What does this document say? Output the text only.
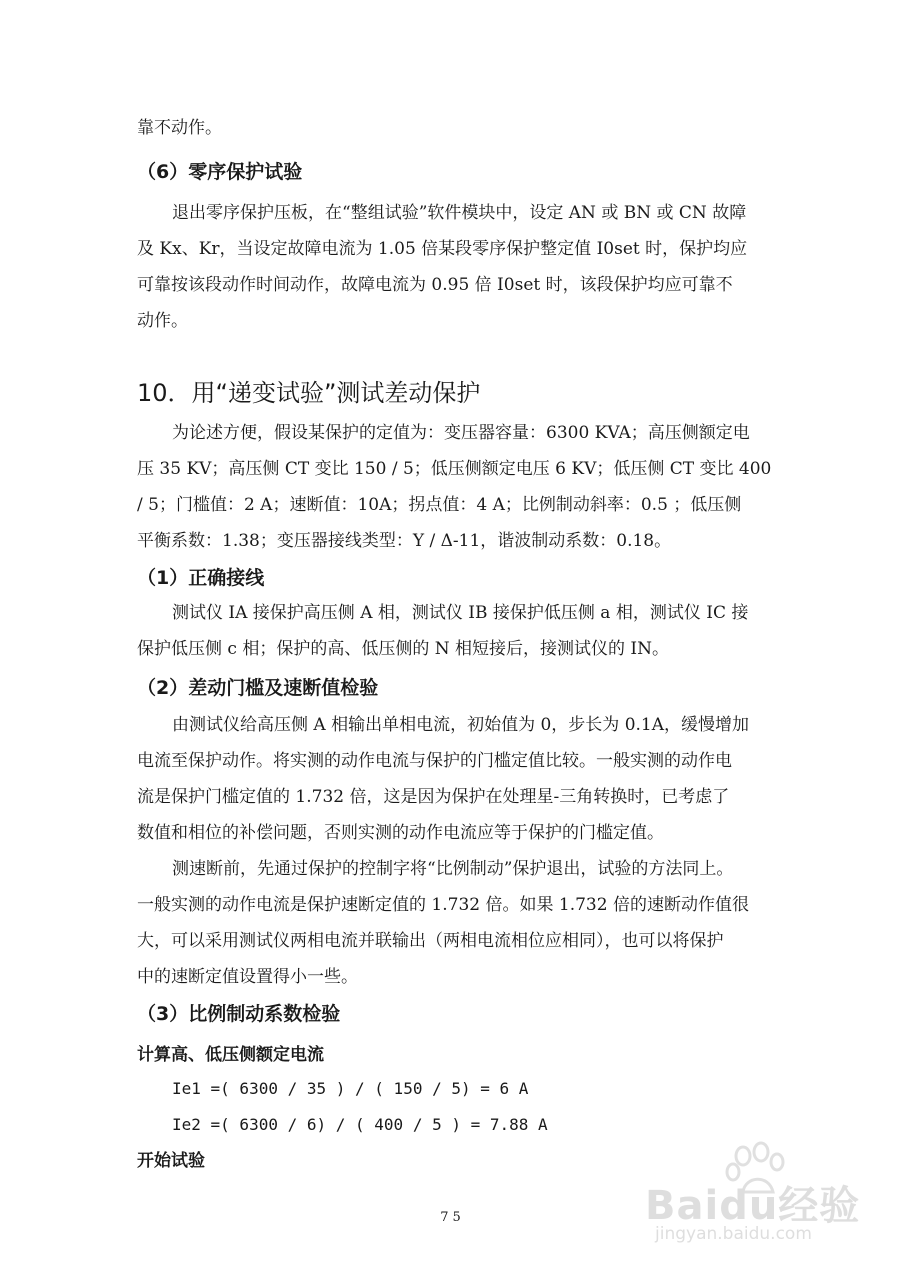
靠不动作。
（6）零序保护试验
退出零序保护压板，在“整组试验”软件模块中，设定 AN 或 BN 或 CN 故障
及 Kx、Kr，当设定故障电流为 1.05 倍某段零序保护整定值 I0set 时，保护均应
可靠按该段动作时间动作，故障电流为 0.95 倍 I0set 时，该段保护均应可靠不
动作。
10．用“递变试验”测试差动保护
为论述方便，假设某保护的定值为：变压器容量：6300 KVA；高压侧额定电
压 35 KV；高压侧 CT 变比 150 / 5；低压侧额定电压 6 KV；低压侧 CT 变比 400
/ 5；门槛值：2 A；速断值：10A；拐点值：4 A；比例制动斜率：0.5 ；低压侧
平衡系数：1.38；变压器接线类型：Y / Δ-11，谐波制动系数：0.18。
（1）正确接线
测试仪 IA 接保护高压侧 A 相，测试仪 IB 接保护低压侧 a 相，测试仪 IC 接
保护低压侧 c 相；保护的高、低压侧的 N 相短接后，接测试仪的 IN。
（2）差动门槛及速断值检验
由测试仪给高压侧 A 相输出单相电流，初始值为 0，步长为 0.1A，缓慢增加
电流至保护动作。将实测的动作电流与保护的门槛定值比较。一般实测的动作电
流是保护门槛定值的 1.732 倍，这是因为保护在处理星-三角转换时，已考虑了
数值和相位的补偿问题，否则实测的动作电流应等于保护的门槛定值。
测速断前，先通过保护的控制字将“比例制动”保护退出，试验的方法同上。
一般实测的动作电流是保护速断定值的 1.732 倍。如果 1.732 倍的速断动作值很
大，可以采用测试仪两相电流并联输出（两相电流相位应相同），也可以将保护
中的速断定值设置得小一些。
（3）比例制动系数检验
计算高、低压侧额定电流
Ie1 =( 6300 / 35 ) / ( 150 / 5) = 6 A
Ie2 =( 6300 / 6) / ( 400 / 5 ) = 7.88 A
开始试验
Baidu经验
jingyan.baidu.com
75
